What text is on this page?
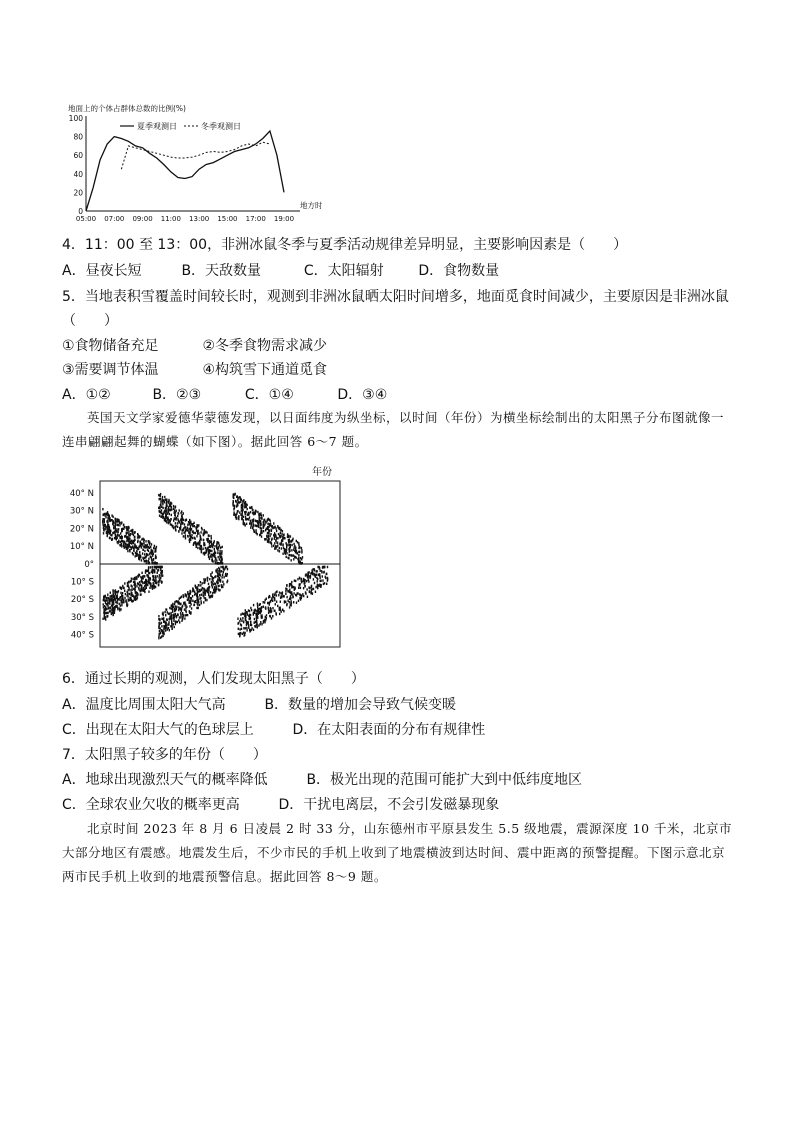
地面上的个体占群体总数的比例(%)
100
80
60
40
20
0
05:00 07:00 09:00 11:00 13:00 15:00 17:00 19:00
地方时
夏季观测日	冬季观测日
4．11：00 至 13：00，非洲冰鼠冬季与夏季活动规律差异明显，主要影响因素是（　　）
A．昼夜长短	B．天敌数量	C．太阳辐射 D．食物数量
5．当地表积雪覆盖时间较长时，观测到非洲冰鼠晒太阳时间增多，地面觅食时间减少，主要原因是非洲冰鼠
（　　）
①食物储备充足	②冬季食物需求减少
③需要调节体温	④构筑雪下通道觅食
A．①②	B．②③	C．①④	D．③④
英国天文学家爱德华蒙德发现，以日面纬度为纵坐标，以时间（年份）为横坐标绘制出的太阳黑子分布图就像一连串翩翩起舞的蝴蝶（如下图）。据此回答 6～7 题。
年份
40° N
30° N
20° N
10° N
0°
10° S
20° S
30° S
40° S
6．通过长期的观测，人们发现太阳黑子（　　）
A．温度比周围太阳大气高	B．数量的增加会导致气候变暖
C．出现在太阳大气的色球层上	D．在太阳表面的分布有规律性
7．太阳黑子较多的年份（　　）
A．地球出现激烈天气的概率降低	B．极光出现的范围可能扩大到中低纬度地区
C．全球农业欠收的概率更高	D．干扰电离层，不会引发磁暴现象
北京时间 2023 年 8 月 6 日凌晨 2 时 33 分，山东德州市平原县发生 5.5 级地震，震源深度 10 千米，北京市大部分地区有震感。地震发生后，不少市民的手机上收到了地震横波到达时间、震中距离的预警提醒。下图示意北京两市民手机上收到的地震预警信息。据此回答 8～9 题。
